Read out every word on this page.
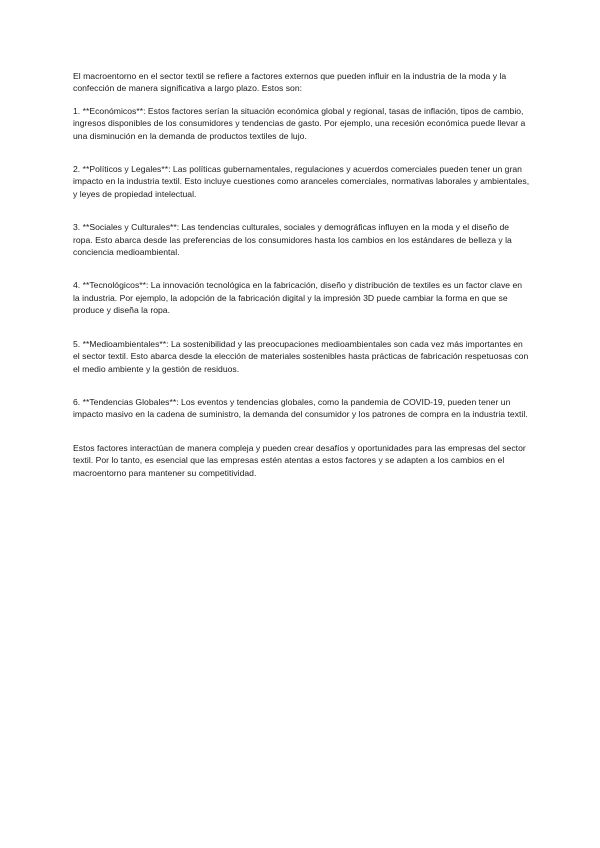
El macroentorno en el sector textil se refiere a factores externos que pueden influir en la industria de la moda y la confección de manera significativa a largo plazo. Estos son:

1. **Económicos**: Estos factores serían la situación económica global y regional, tasas de inflación, tipos de cambio, ingresos disponibles de los consumidores y tendencias de gasto. Por ejemplo, una recesión económica puede llevar a una disminución en la demanda de productos textiles de lujo.

2. **Políticos y Legales**: Las políticas gubernamentales, regulaciones y acuerdos comerciales pueden tener un gran impacto en la industria textil. Esto incluye cuestiones como aranceles comerciales, normativas laborales y ambientales, y leyes de propiedad intelectual.

3. **Sociales y Culturales**: Las tendencias culturales, sociales y demográficas influyen en la moda y el diseño de ropa. Esto abarca desde las preferencias de los consumidores hasta los cambios en los estándares de belleza y la conciencia medioambiental.

4. **Tecnológicos**: La innovación tecnológica en la fabricación, diseño y distribución de textiles es un factor clave en la industria. Por ejemplo, la adopción de la fabricación digital y la impresión 3D puede cambiar la forma en que se produce y diseña la ropa.

5. **Medioambientales**: La sostenibilidad y las preocupaciones medioambientales son cada vez más importantes en el sector textil. Esto abarca desde la elección de materiales sostenibles hasta prácticas de fabricación respetuosas con el medio ambiente y la gestión de residuos.

6. **Tendencias Globales**: Los eventos y tendencias globales, como la pandemia de COVID-19, pueden tener un impacto masivo en la cadena de suministro, la demanda del consumidor y los patrones de compra en la industria textil.

Estos factores interactúan de manera compleja y pueden crear desafíos y oportunidades para las empresas del sector textil. Por lo tanto, es esencial que las empresas estén atentas a estos factores y se adapten a los cambios en el macroentorno para mantener su competitividad.
